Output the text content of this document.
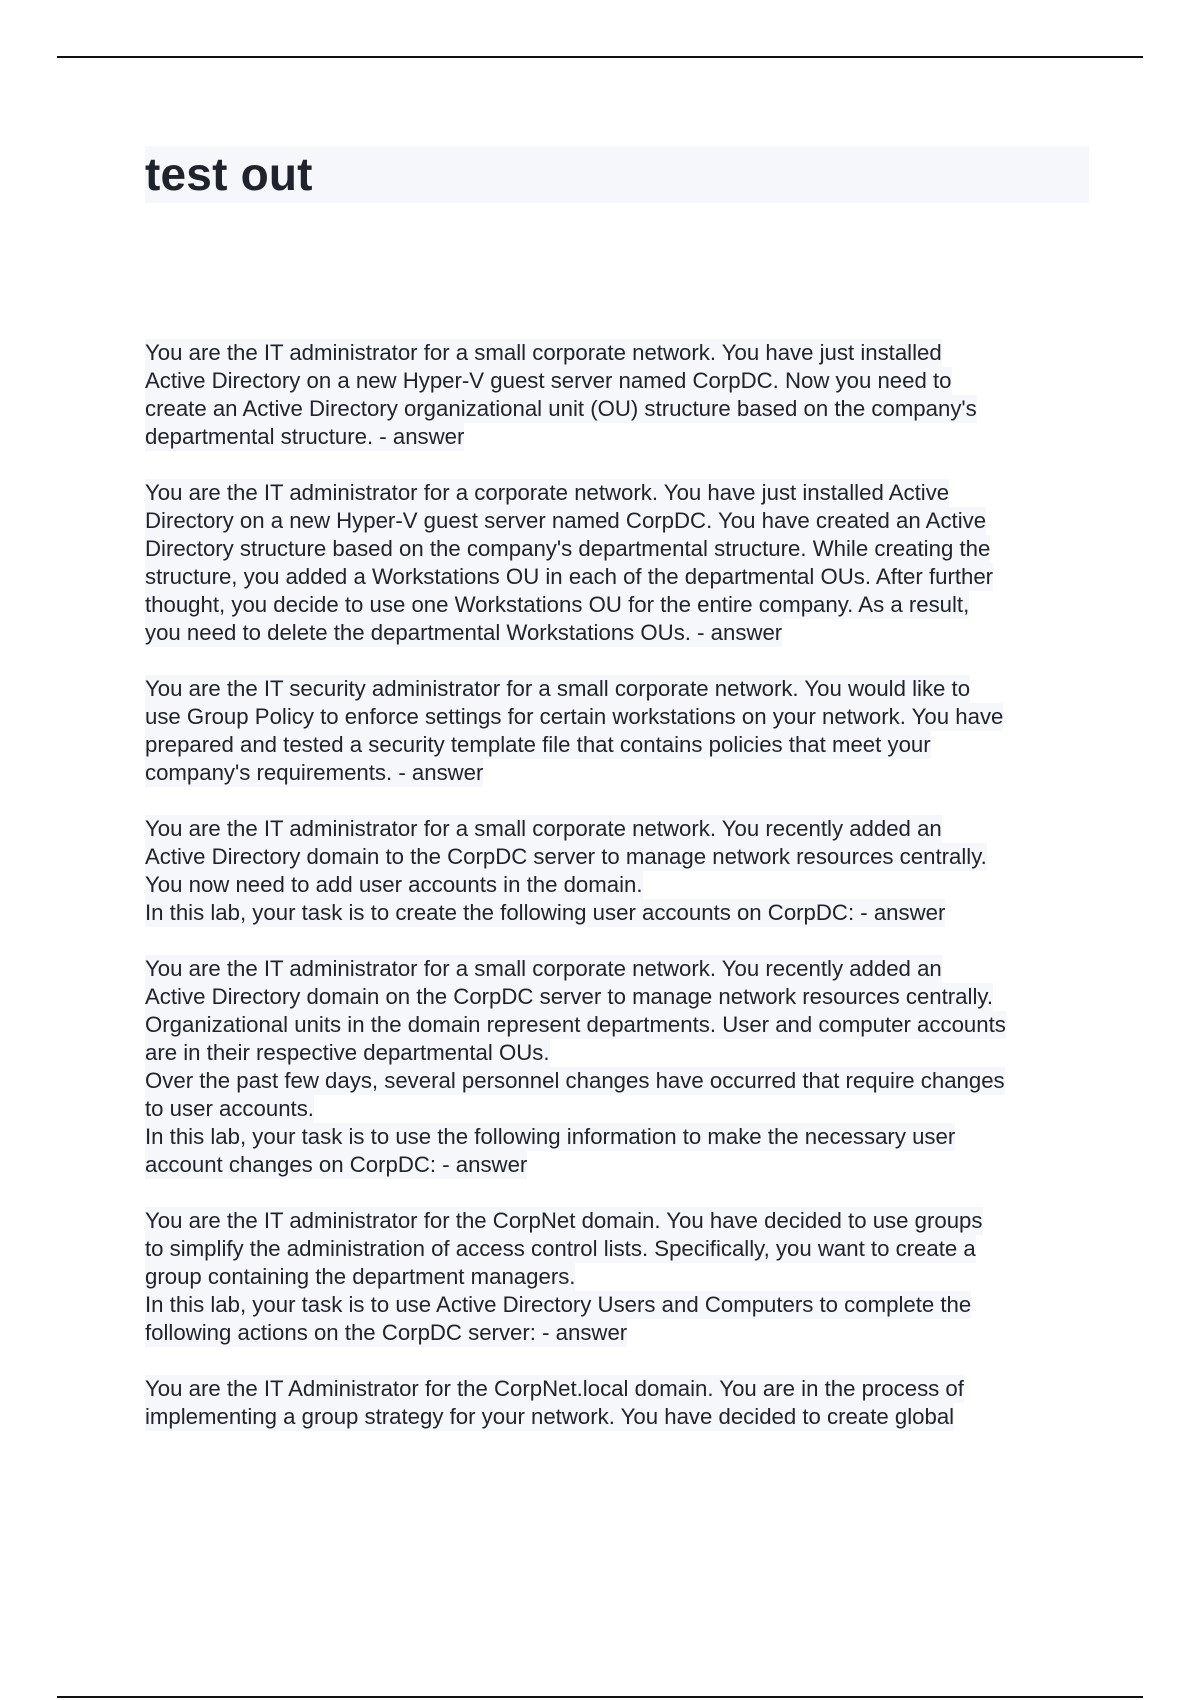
test out
You are the IT administrator for a small corporate network. You have just installed
Active Directory on a new Hyper-V guest server named CorpDC. Now you need to
create an Active Directory organizational unit (OU) structure based on the company's
departmental structure. - answer
You are the IT administrator for a corporate network. You have just installed Active
Directory on a new Hyper-V guest server named CorpDC. You have created an Active
Directory structure based on the company's departmental structure. While creating the
structure, you added a Workstations OU in each of the departmental OUs. After further
thought, you decide to use one Workstations OU for the entire company. As a result,
you need to delete the departmental Workstations OUs. - answer
You are the IT security administrator for a small corporate network. You would like to
use Group Policy to enforce settings for certain workstations on your network. You have
prepared and tested a security template file that contains policies that meet your
company's requirements. - answer
You are the IT administrator for a small corporate network. You recently added an
Active Directory domain to the CorpDC server to manage network resources centrally.
You now need to add user accounts in the domain.
In this lab, your task is to create the following user accounts on CorpDC: - answer
You are the IT administrator for a small corporate network. You recently added an
Active Directory domain on the CorpDC server to manage network resources centrally.
Organizational units in the domain represent departments. User and computer accounts
are in their respective departmental OUs.
Over the past few days, several personnel changes have occurred that require changes
to user accounts.
In this lab, your task is to use the following information to make the necessary user
account changes on CorpDC: - answer
You are the IT administrator for the CorpNet domain. You have decided to use groups
to simplify the administration of access control lists. Specifically, you want to create a
group containing the department managers.
In this lab, your task is to use Active Directory Users and Computers to complete the
following actions on the CorpDC server: - answer
You are the IT Administrator for the CorpNet.local domain. You are in the process of
implementing a group strategy for your network. You have decided to create global
